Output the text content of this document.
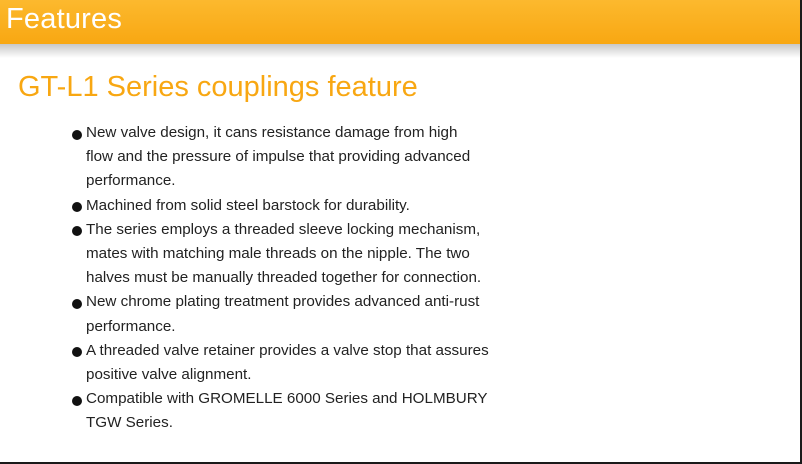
Features
GT-L1 Series couplings feature
New valve design, it cans resistance damage from high
flow and the pressure of impulse that providing advanced
performance.
Machined from solid steel barstock for durability.
The series employs a threaded sleeve locking mechanism,
mates with matching male threads on the nipple. The two
halves must be manually threaded together for connection.
New chrome plating treatment provides advanced anti-rust
performance.
A threaded valve retainer provides a valve stop that assures
positive valve alignment.
Compatible with GROMELLE 6000 Series and HOLMBURY
TGW Series.
